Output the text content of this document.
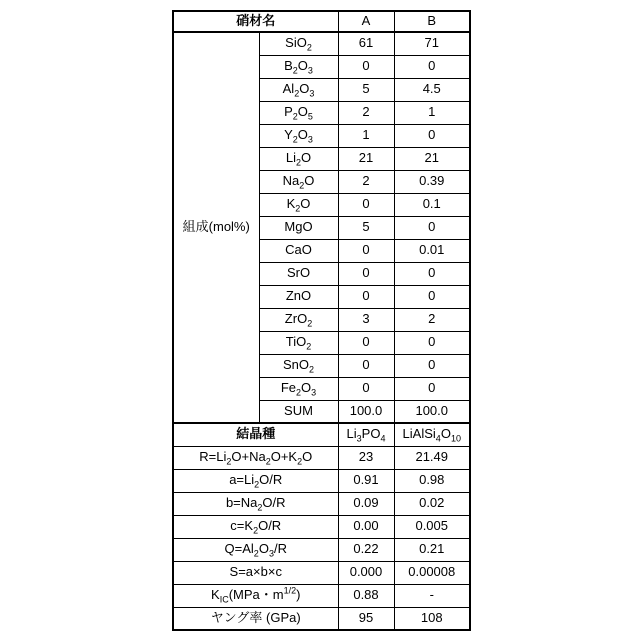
硝材名		A	B
組成(mol%)	SiO$_2$	61	71
	$B_2O_3$	0	0
	$Al_2O_3$	5	4.5
	$P_2O_5$	2	1
	$Y_2O_3$	1	0
	$Li_2O$	21	21
	$Na_2O$	2	0.39
	$K_2O$	0	0.1
	MgO	5	0
	CaO	0	0.01
	SrO	0	0
	ZnO	0	0
	ZrO$_2$	3	2
	TiO$_2$	0	0
	SnO$_2$	0	0
	$Fe_2O_3$	0	0
	SUM	100.0	100.0
結晶種		$Li_3PO_4$	$LiAlSi_4O_{10}$
$R=Li_2O+Na_2O+K_2O$		23	21.49
$a=Li_2O/R$		0.91	0.98
$b=Na_2O/R$		0.09	0.02
$c=K_2O/R$		0.00	0.005
$Q=Al_2O_3/R$		0.22	0.21
S=a×b×c		0.000	0.00008
$K_{IC}(MPa$・$m^{1/2}$)		0.88	-
ヤング率 (GPa)		95	108
